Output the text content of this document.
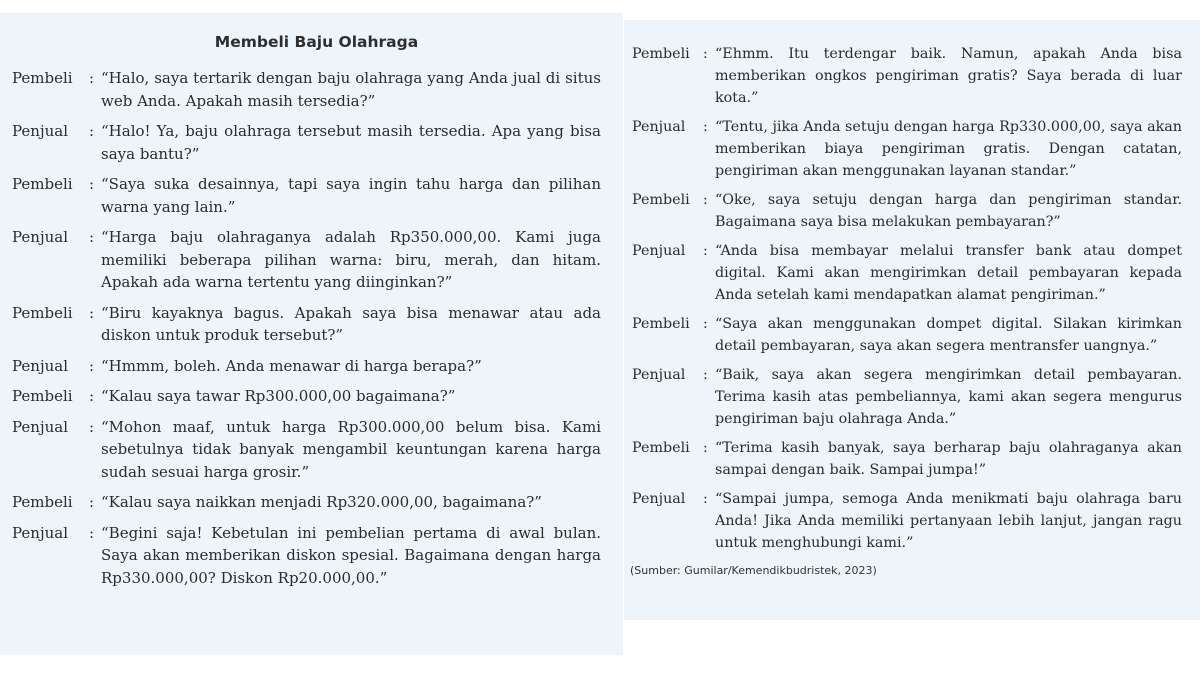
Membeli Baju Olahraga
Pembeli	: “Halo, saya tertarik dengan baju olahraga yang Anda jual di situs web Anda. Apakah masih tersedia?”
Penjual	: “Halo! Ya, baju olahraga tersebut masih tersedia. Apa yang bisa saya bantu?”
Pembeli	: “Saya suka desainnya, tapi saya ingin tahu harga dan pilihan warna yang lain.”
Penjual	: “Harga baju olahraganya adalah Rp350.000,00. Kami juga memiliki beberapa pilihan warna: biru, merah, dan hitam. Apakah ada warna tertentu yang diinginkan?”
Pembeli	: “Biru kayaknya bagus. Apakah saya bisa menawar atau ada diskon untuk produk tersebut?”
Penjual	: “Hmmm, boleh. Anda menawar di harga berapa?”
Pembeli	: “Kalau saya tawar Rp300.000,00 bagaimana?”
Penjual	: “Mohon maaf, untuk harga Rp300.000,00 belum bisa. Kami sebetulnya tidak banyak mengambil keuntungan karena harga sudah sesuai harga grosir.”
Pembeli	: “Kalau saya naikkan menjadi Rp320.000,00, bagaimana?”
Penjual	: “Begini saja! Kebetulan ini pembelian pertama di awal bulan. Saya akan memberikan diskon spesial. Bagaimana dengan harga Rp330.000,00? Diskon Rp20.000,00.”
Pembeli : “Ehmm. Itu terdengar baik. Namun, apakah Anda bisa memberikan ongkos pengiriman gratis? Saya berada di luar kota.”
Penjual	: “Tentu, jika Anda setuju dengan harga Rp330.000,00, saya akan memberikan biaya pengiriman gratis. Dengan catatan, pengiriman akan menggunakan layanan standar.”
Pembeli : “Oke, saya setuju dengan harga dan pengiriman standar. Bagaimana saya bisa melakukan pembayaran?”
Penjual	: “Anda bisa membayar melalui transfer bank atau dompet digital. Kami akan mengirimkan detail pembayaran kepada Anda setelah kami mendapatkan alamat pengiriman.”
Pembeli : “Saya akan menggunakan dompet digital. Silakan kirimkan detail pembayaran, saya akan segera mentransfer uangnya.”
Penjual	: “Baik, saya akan segera mengirimkan detail pembayaran. Terima kasih atas pembeliannya, kami akan segera mengurus pengiriman baju olahraga Anda.”
Pembeli : “Terima kasih banyak, saya berharap baju olahraganya akan sampai dengan baik. Sampai jumpa!”
Penjual	: “Sampai jumpa, semoga Anda menikmati baju olahraga baru Anda! Jika Anda memiliki pertanyaan lebih lanjut, jangan ragu untuk menghubungi kami.”
(Sumber: Gumilar/Kemendikbudristek, 2023)
